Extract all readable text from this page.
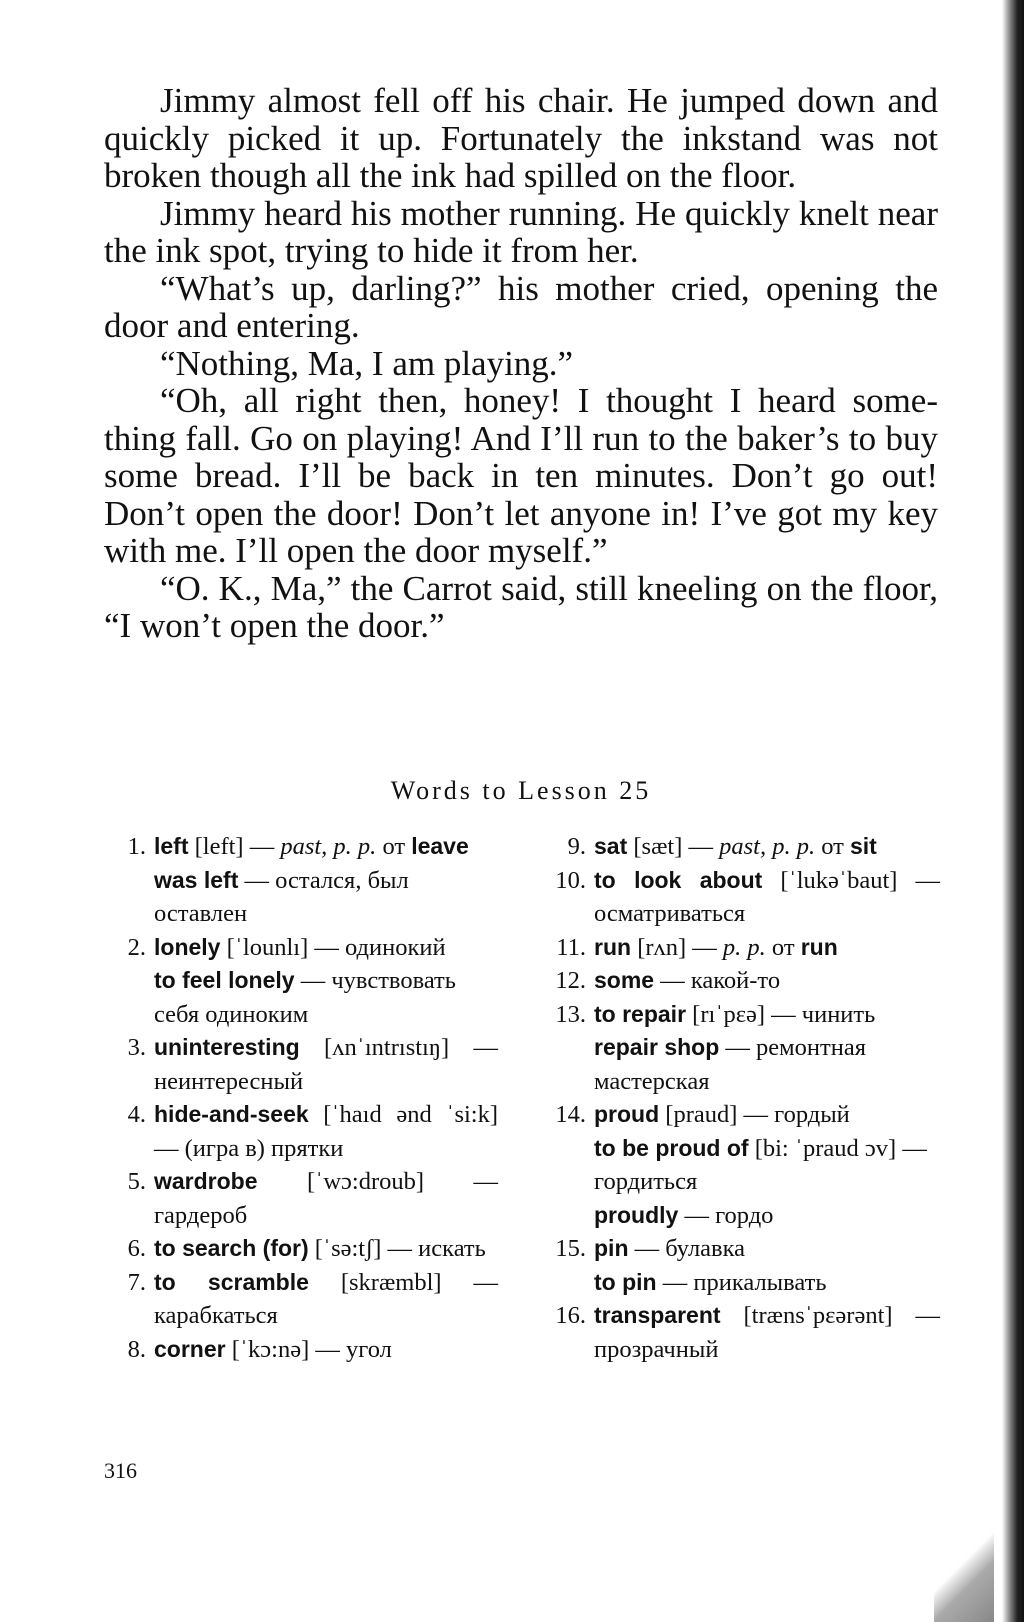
Jimmy almost fell off his chair. He jumped down and quickly picked it up. Fortunately the inkstand was not broken though all the ink had spilled on the floor.

Jimmy heard his mother running. He quickly knelt near the ink spot, trying to hide it from her.

“What’s up, darling?” his mother cried, opening the door and entering.

“Nothing, Ma, I am playing.”

“Oh, all right then, honey! I thought I heard some-thing fall. Go on playing! And I’ll run to the baker’s to buy some bread. I’ll be back in ten minutes. Don’t go out! Don’t open the door! Don’t let anyone in! I’ve got my key with me. I’ll open the door myself.”

“O. K., Ma,” the Carrot said, still kneeling on the floor, “I won’t open the door.”

Words to Lesson 25
1. left [left] — past, p. p. от leave
was left — остался, был оставлен
2. lonely [ˈlounlı] — одинокий
to feel lonely — чувствовать себя одиноким
3. uninteresting [ʌnˈıntrıstıŋ] — неинтересный
4. hide-and-seek [ˈhaıd ənd ˈsi:k] — (игра в) прятки
5. wardrobe [ˈwɔ:droub] — гардероб
6. to search (for) [ˈsə:tʃ] — искать
7. to scramble [skræmbl] — карабкаться
8. corner [ˈkɔ:nə] — угол
9. sat [sæt] — past, p. p. от sit
10. to look about [ˈlukəˈbaut] — осматриваться
11. run [rʌn] — p. p. от run
12. some — какой-то
13. to repair [rıˈpɛə] — чинить
repair shop — ремонтная мастерская
14. proud [praud] — гордый
to be proud of [bi: ˈpraud ɔv] — гордиться
proudly — гордо
15. pin — булавка
to pin — прикалывать
16. transparent [trænsˈpɛərənt] — прозрачный
316
